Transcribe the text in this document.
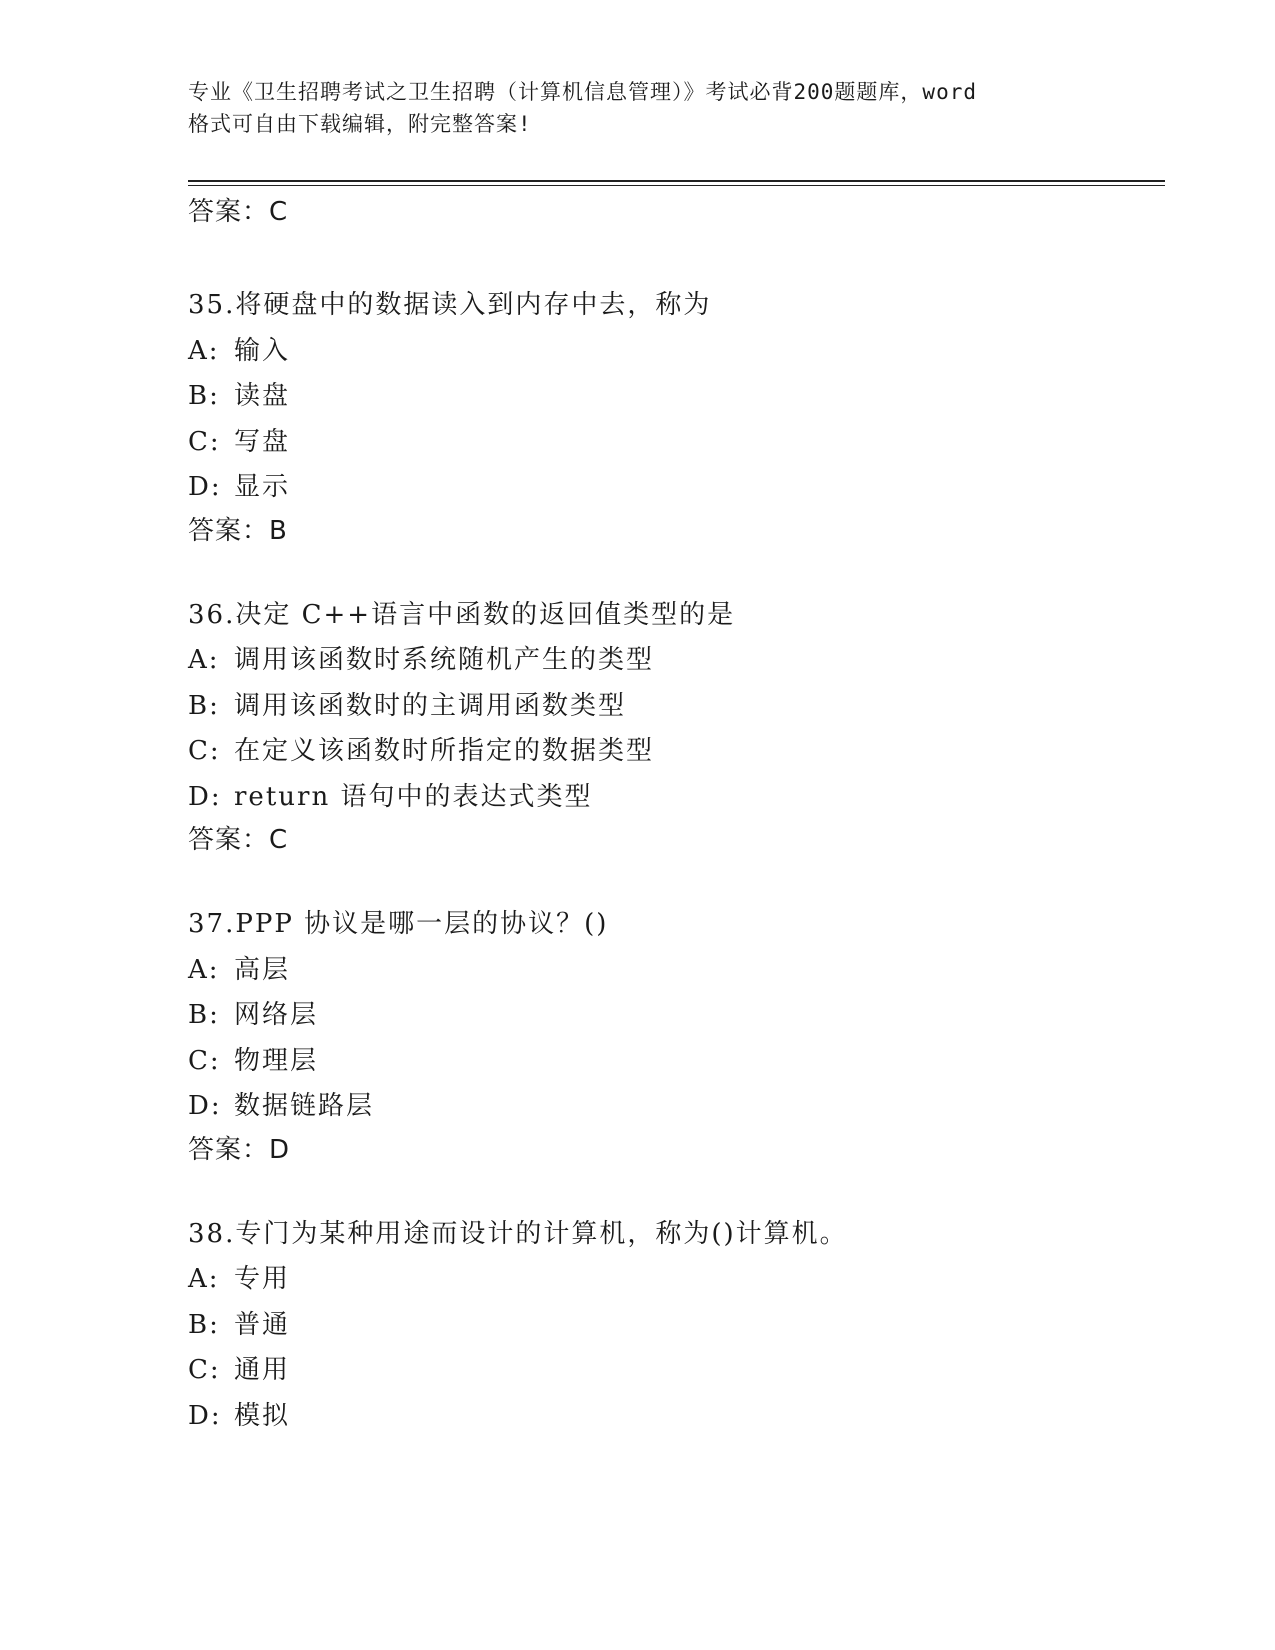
专业《卫生招聘考试之卫生招聘（计算机信息管理）》考试必背200题题库，word
格式可自由下载编辑，附完整答案!

答案：C

35.将硬盘中的数据读入到内存中去，称为

A: 输入

B: 读盘

C: 写盘

D: 显示

答案：B

36.决定 C++语言中函数的返回值类型的是

A: 调用该函数时系统随机产生的类型

B: 调用该函数时的主调用函数类型

C: 在定义该函数时所指定的数据类型

D: return 语句中的表达式类型

答案：C

37.PPP 协议是哪一层的协议？()

A: 高层

B: 网络层

C: 物理层

D: 数据链路层

答案：D

38.专门为某种用途而设计的计算机，称为()计算机。

A: 专用

B: 普通

C: 通用

D: 模拟
